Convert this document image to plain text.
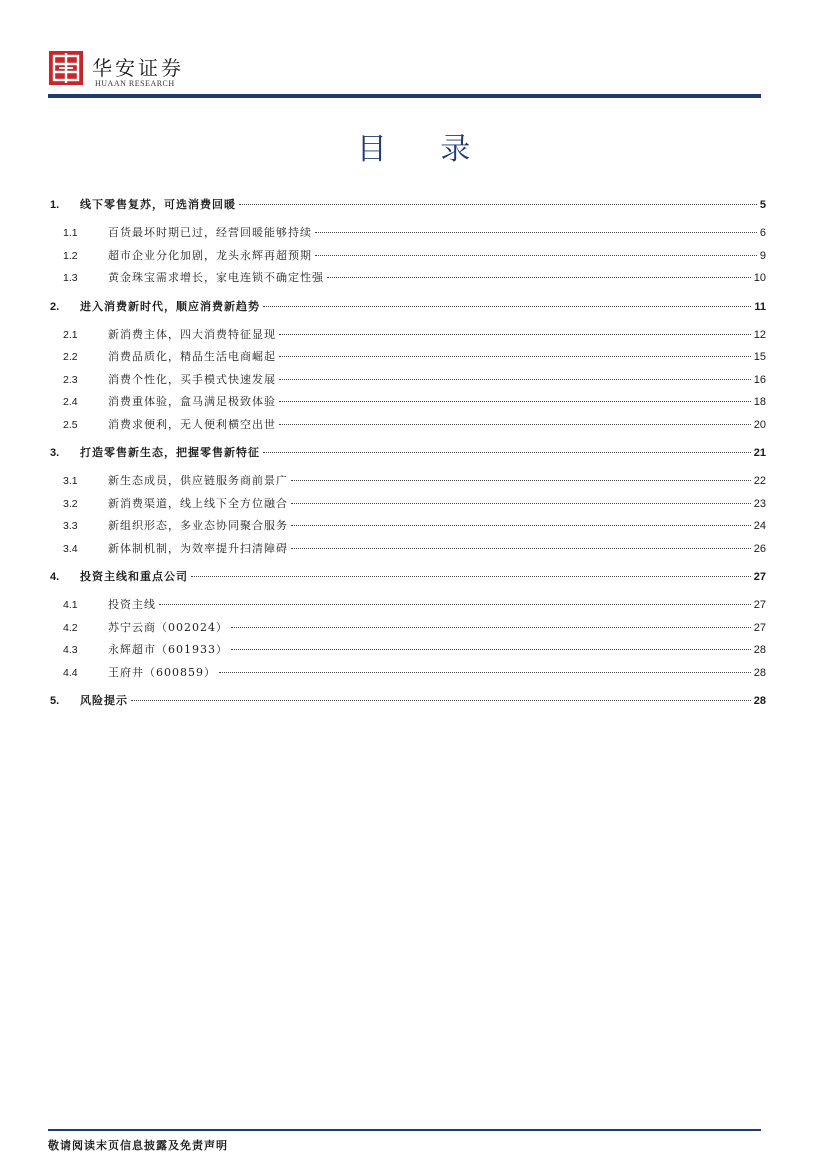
华安证券
HUAAN RESEARCH
目 录
1.	线下零售复苏，可选消费回暖	5
1.1	百货最坏时期已过，经营回暖能够持续	6
1.2	超市企业分化加剧，龙头永辉再超预期	9
1.3	黄金珠宝需求增长，家电连锁不确定性强	10
2.	进入消费新时代，顺应消费新趋势	11
2.1	新消费主体，四大消费特征显现	12
2.2	消费品质化，精品生活电商崛起	15
2.3	消费个性化，买手模式快速发展	16
2.4	消费重体验，盒马满足极致体验	18
2.5	消费求便利，无人便利横空出世	20
3.	打造零售新生态，把握零售新特征	21
3.1	新生态成员，供应链服务商前景广	22
3.2	新消费渠道，线上线下全方位融合	23
3.3	新组织形态，多业态协同聚合服务	24
3.4	新体制机制，为效率提升扫清障碍	26
4.	投资主线和重点公司	27
4.1	投资主线	27
4.2	苏宁云商（002024）	27
4.3	永辉超市（601933）	28
4.4	王府井（600859）	28
5.	风险提示	28
敬请阅读末页信息披露及免责声明
